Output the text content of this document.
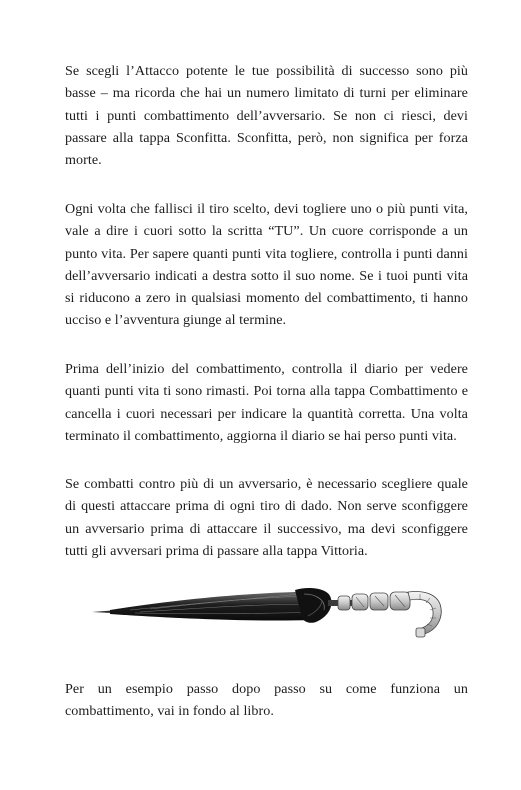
Se scegli l’Attacco potente le tue possibilità di successo sono più basse – ma ricorda che hai un numero limitato di turni per eliminare tutti i punti combattimento dell’avversario. Se non ci riesci, devi passare alla tappa Sconfitta. Sconfitta, però, non significa per forza morte.

Ogni volta che fallisci il tiro scelto, devi togliere uno o più punti vita, vale a dire i cuori sotto la scritta “TU”. Un cuore corrisponde a un punto vita. Per sapere quanti punti vita togliere, controlla i punti danni dell’avversario indicati a destra sotto il suo nome. Se i tuoi punti vita si riducono a zero in qualsiasi momento del combattimento, ti hanno ucciso e l’avventura giunge al termine.

Prima dell’inizio del combattimento, controlla il diario per vedere quanti punti vita ti sono rimasti. Poi torna alla tappa Combattimento e cancella i cuori necessari per indicare la quantità corretta. Una volta terminato il combattimento, aggiorna il diario se hai perso punti vita.

Se combatti contro più di un avversario, è necessario scegliere quale di questi attaccare prima di ogni tiro di dado. Non serve sconfiggere un avversario prima di attaccare il successivo, ma devi sconfiggere tutti gli avversari prima di passare alla tappa Vittoria.

Per un esempio passo dopo passo su come funziona un combattimento, vai in fondo al libro.
